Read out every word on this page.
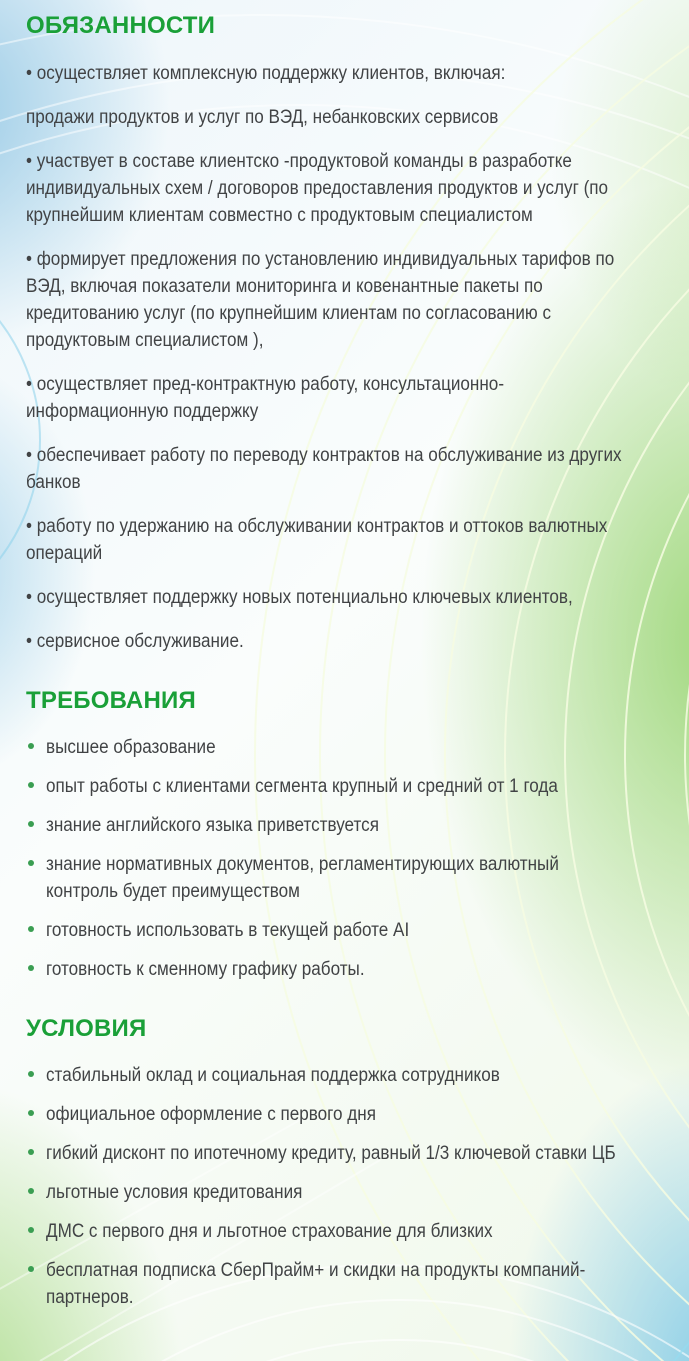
ОБЯЗАННОСТИ

• осуществляет комплексную поддержку клиентов, включая:

продажи продуктов и услуг по ВЭД, небанковских сервисов

• участвует в составе клиентско -продуктовой команды в разработке
индивидуальных схем / договоров предоставления продуктов и услуг (по
крупнейшим клиентам совместно с продуктовым специалистом

• формирует предложения по установлению индивидуальных тарифов по
ВЭД, включая показатели мониторинга и ковенантные пакеты по
кредитованию услуг (по крупнейшим клиентам по согласованию с
продуктовым специалистом ),

• осуществляет пред-контрактную работу, консультационно-
информационную поддержку

• обеспечивает работу по переводу контрактов на обслуживание из других
банков

• работу по удержанию на обслуживании контрактов и оттоков валютных
операций

• осуществляет поддержку новых потенциально ключевых клиентов,

• сервисное обслуживание.

ТРЕБОВАНИЯ
высшее образование
опыт работы с клиентами сегмента крупный и средний от 1 года
знание английского языка приветствуется
знание нормативных документов, регламентирующих валютный
контроль будет преимуществом
готовность использовать в текущей работе AI
готовность к сменному графику работы.
УСЛОВИЯ
стабильный оклад и социальная поддержка сотрудников
официальное оформление с первого дня
гибкий дисконт по ипотечному кредиту, равный 1/3 ключевой ставки ЦБ
льготные условия кредитования
ДМС с первого дня и льготное страхование для близких
бесплатная подписка СберПрайм+ и скидки на продукты компаний-
партнеров.
